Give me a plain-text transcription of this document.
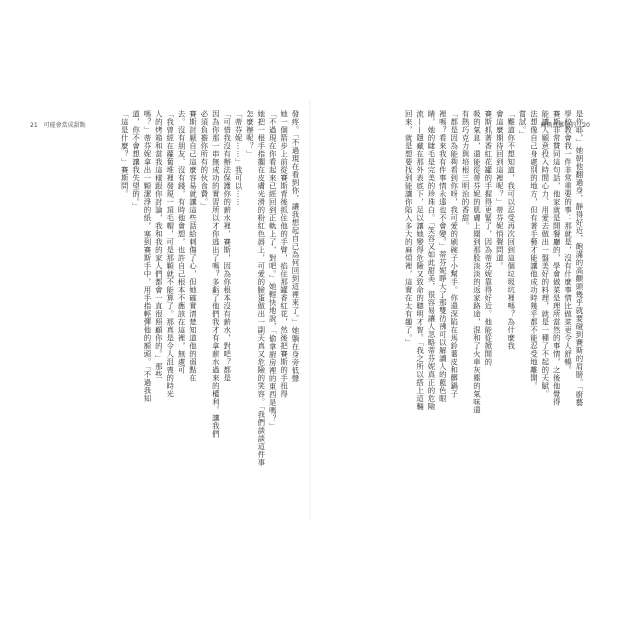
21 可能會當成甜點	蘇俄真難搞的 20
發疼。「不過現在看到你，讓我想起自己為何回到這裡來了。」她躺在身旁低聲
她一個箭步上前從賽斯背後抓住他的手臂，掐住那罐香紅花，然後把賽斯的手扭得
「不過現在你看起來已經回到正軌上了，對吧。」她輕快地說，「偷拿廚房裡的東西是嗎？」
她把一根手指擱在皮膚光滑的粉紅色唇上，可愛的臉蛋做出一副天真又危險的笑容。「我們談談這件事
怎麼辦呢？」
「蒂芬妮⋯⋯」我可以⋯⋯
「可惜我沒有辦法保護你的薪水裡，賽斯，因為你根本沒有薪水，對吧？都是
因為你那一串無成功的實習所以才你逃出了嗎？多虧了他們我才有拿薪水過來的權利。讓我們
必須負擔你所有的伙食費。」
賽斯討厭自己這麼容易就讓這些話給刺傷了心，但她確實清楚知道他的弱點在
去。沒有朋友、沒有錢，有時他會想，也許自己根本不應該在這裡，無處可
「我曾經在蘿蔔堆裡發現一頂毛帽，可是那顆就不能算了。那真是令人沮喪的時光
人的烤箱和當我這樣跟你討論，我和我的家人們都會一直很照顧你的。」那些
嗎？」蒂芬妮拿出一顆潔淨的紙，塞到賽斯手中，用手指輕彈他的額頭。「不過我知
道，你不會想讓我失望的。」
「這是什麼？」賽斯問。	是你耶，」她朝他翻過身，靜得好近，飽滿的高顴頭幾乎就要碰到賽斯的肩膀。「廚藝
學校教會我一件非常重要的事：那就是，沒有什麼事情比做菜更令人舒暢。
賽斯非常贊同這句話，他家就是開餐廳的，學會做菜是理所當然的事情，之後他覺得
能讓人願意投入時間心力、用愛去做出一盤美好的料理，就是一種了不起的天賦。
法想像自己身處別的地方，但有著手藝才能讓他成功時幾乎都不能忍受地離開。
嘗試。」
「難道你不想知道，我可以忍受再次回到這個垃圾坑裡嗎？為什麼我
會這麼期待回到這裡呢？」蒂芬妮悄聲問道。
賽斯抓著香紅花罐的手握得更緊了，因為蒂芬妮靠得好近。他能從掀開的
吸的氣息，還能從蒂芬妮的肌膚上聞到那股淡淡的返家路途，混和了火車灰塵的氣味還
有熱巧克力與培根三明治的香甜。
「都是因為能夠看到你呀，我可愛的刷碗子小幫手。你還深陷在馬鈴薯皮和髒鍋子
裡嗎？看來我有件事情永遠也不會變。」蒂芬妮睜大了那雙彷彿可以解讀人的藍色眼
睛，她的睫毛是完美的珍珠白。「笑容又如此甜美，很容易讓人忽略蒂芬妮真正的危險
流——隱藏在那外表底下，足以讓她變得危險又致命的聰明才智。「我之所以搭上這輛
回來，就是想要找到能讓你陷入多大的麻煩裡，這實在太有趣了。」
